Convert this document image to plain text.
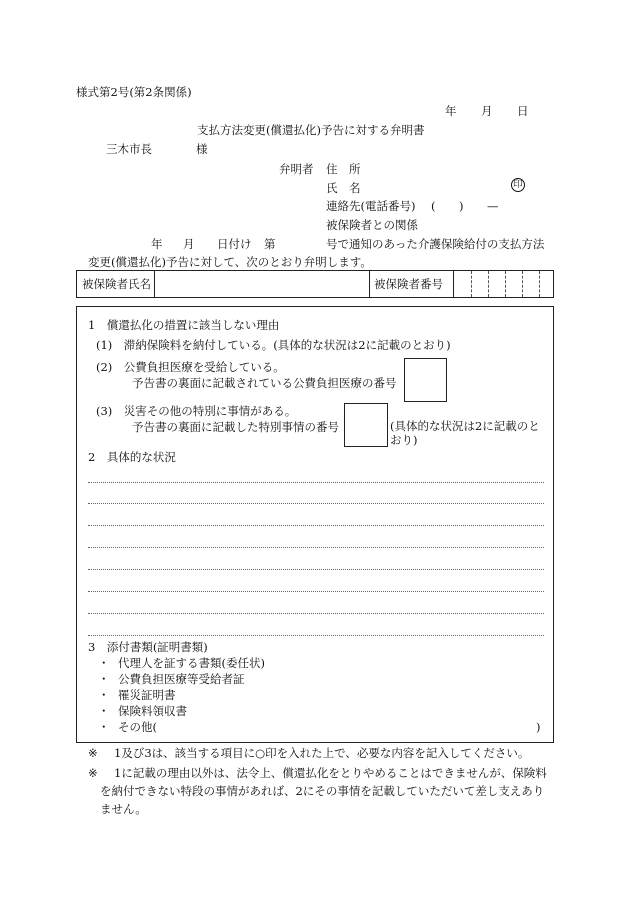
様式第2号(第2条関係)
年 月 日
支払方法変更(償還払化)予告に対する弁明書
三木市長	様
弁明者 住　所
氏　名	印
連絡先(電話番号) ( ) —
被保険者との関係
年 月 日付け 第	号で通知のあった介護保険給付の支払方法
変更(償還払化)予告に対して、次のとおり弁明します。
被保険者氏名	被保険者番号
1　償還払化の措置に該当しない理由
(1)　滞納保険料を納付している。(具体的な状況は2に記載のとおり)
(2)　公費負担医療を受給している。
予告書の裏面に記載されている公費負担医療の番号
(3)　災害その他の特別に事情がある。
予告書の裏面に記載した特別事情の番号	(具体的な状況は2に記載のと
おり)
2　具体的な状況
3　添付書類(証明書類)
・ 代理人を証する書類(委任状)
・ 公費負担医療等受給者証
・ 罹災証明書
・ 保険料領収書
・ その他(	)
※ 1及び3は、該当する項目に○印を入れた上で、必要な内容を記入してください。
※ 1に記載の理由以外は、法令上、償還払化をとりやめることはできませんが、保険料
を納付できない特段の事情があれば、2にその事情を記載していただいて差し支えあり
ません。
